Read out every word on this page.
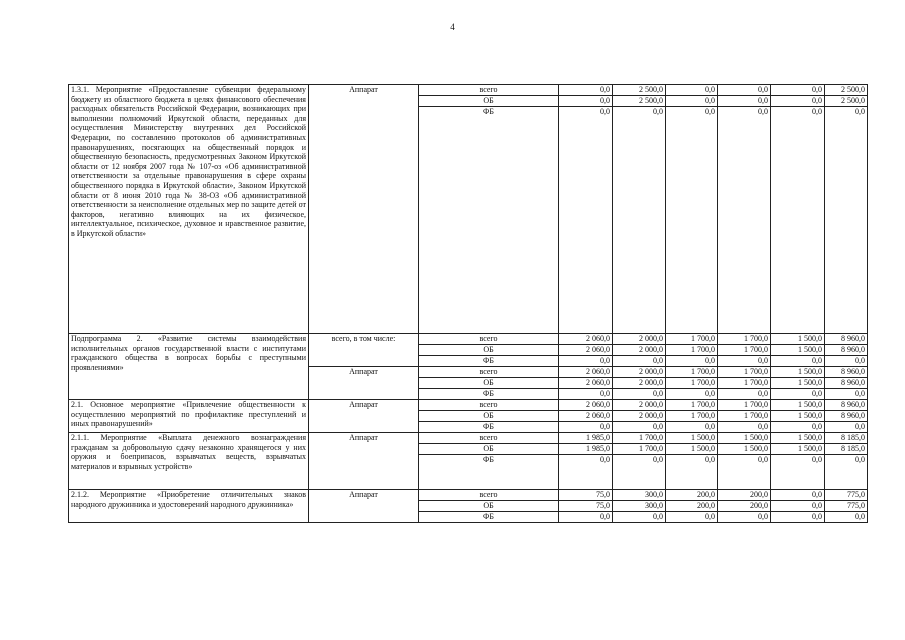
4
1.3.1. Мероприятие «Предоставление субвенции федеральному бюджету из областного бюджета в целях финансового обеспечения расходных обязательств Российской Федерации, возникающих при выполнении полномочий Иркутской области, переданных для осуществления Министерству внутренних дел Российской Федерации, по составлению протоколов об административных правонарушениях, посягающих на общественный порядок и общественную безопасность, предусмотренных Законом Иркутской области от 12 ноября 2007 года № 107-оз «Об административной ответственности за отдельные правонарушения в сфере охраны общественного порядка в Иркутской области», Законом Иркутской области от 8 июня 2010 года № 38-ОЗ «Об административной ответственности за неисполнение отдельных мер по защите детей от факторов, негативно влияющих на их физическое, интеллектуальное, психическое, духовное и нравственное развитие, в Иркутской области»	Аппарат	всего	0,0	2 500,0	0,0	0,0	0,0	2 500,0
		ОБ	0,0	2 500,0	0,0	0,0	0,0	2 500,0
		ФБ	0,0	0,0	0,0	0,0	0,0	0,0
Подпрограмма 2. «Развитие системы взаимодействия исполнительных органов государственной власти с институтами гражданского общества в вопросах борьбы с преступными проявлениями»	всего, в том числе:	всего	2 060,0	2 000,0	1 700,0	1 700,0	1 500,0	8 960,0
		ОБ	2 060,0	2 000,0	1 700,0	1 700,0	1 500,0	8 960,0
		ФБ	0,0	0,0	0,0	0,0	0,0	0,0
	Аппарат	всего	2 060,0	2 000,0	1 700,0	1 700,0	1 500,0	8 960,0
		ОБ	2 060,0	2 000,0	1 700,0	1 700,0	1 500,0	8 960,0
		ФБ	0,0	0,0	0,0	0,0	0,0	0,0
2.1. Основное мероприятие «Привлечение общественности к осуществлению мероприятий по профилактике преступлений и иных правонарушений»	Аппарат	всего	2 060,0	2 000,0	1 700,0	1 700,0	1 500,0	8 960,0
		ОБ	2 060,0	2 000,0	1 700,0	1 700,0	1 500,0	8 960,0
		ФБ	0,0	0,0	0,0	0,0	0,0	0,0
2.1.1. Мероприятие «Выплата денежного вознаграждения гражданам за добровольную сдачу незаконно хранящегося у них оружия и боеприпасов, взрывчатых веществ, взрывчатых материалов и взрывных устройств»	Аппарат	всего	1 985,0	1 700,0	1 500,0	1 500,0	1 500,0	8 185,0
		ОБ	1 985,0	1 700,0	1 500,0	1 500,0	1 500,0	8 185,0
		ФБ	0,0	0,0	0,0	0,0	0,0	0,0
2.1.2. Мероприятие «Приобретение отличительных знаков народного дружинника и удостоверений народного дружинника»	Аппарат	всего	75,0	300,0	200,0	200,0	0,0	775,0
		ОБ	75,0	300,0	200,0	200,0	0,0	775,0
		ФБ	0,0	0,0	0,0	0,0	0,0	0,0
